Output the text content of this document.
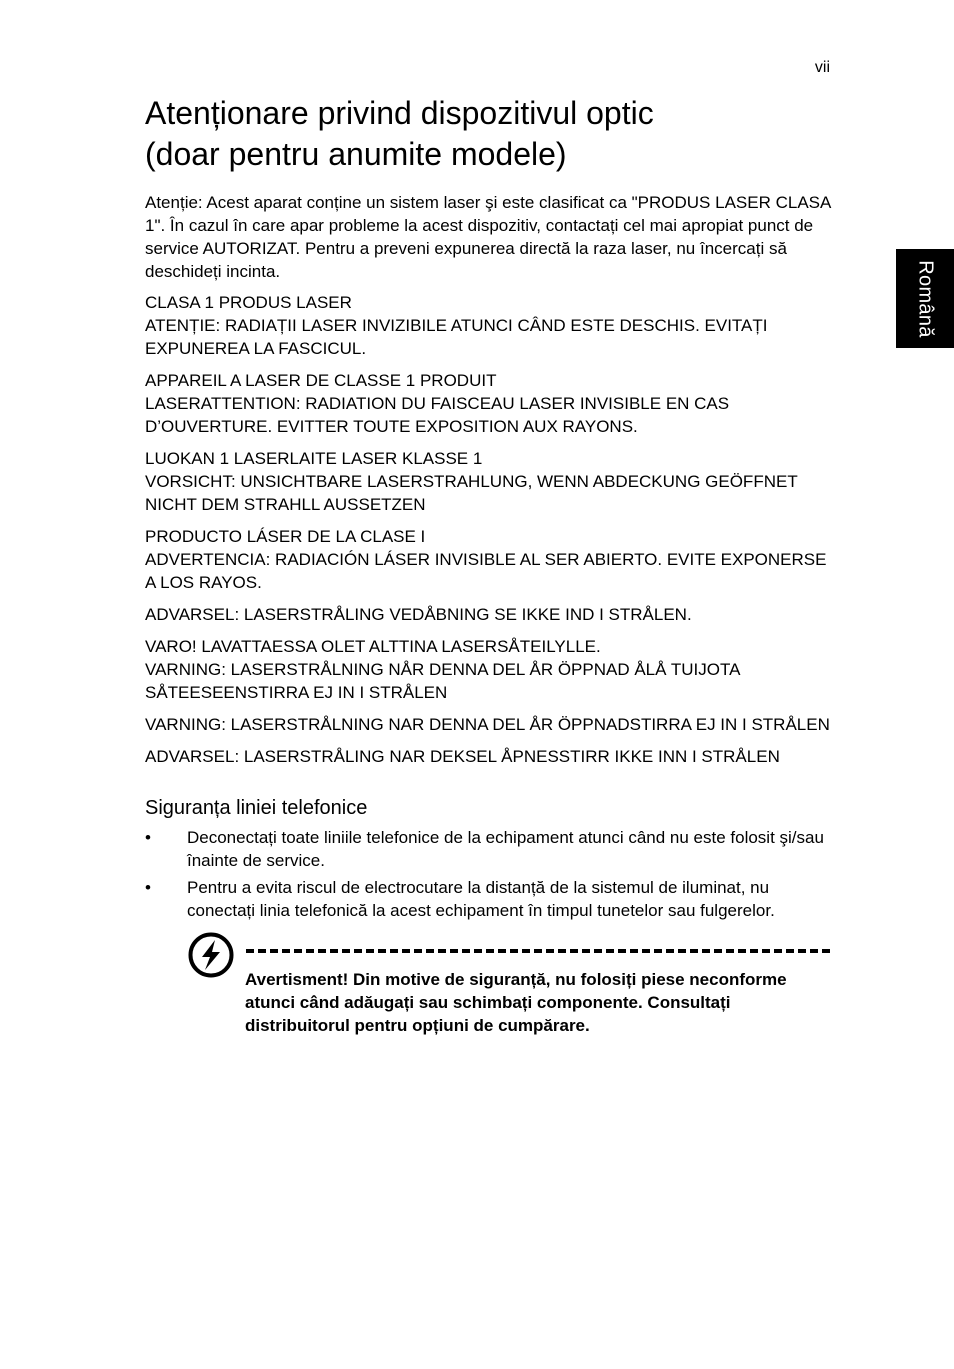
vii
Română
Atenționare privind dispozitivul optic
(doar pentru anumite modele)

Atenție: Acest aparat conține un sistem laser şi este clasificat ca "PRODUS LASER CLASA 1". În cazul în care apar probleme la acest dispozitiv, contactați cel mai apropiat punct de service AUTORIZAT. Pentru a preveni expunerea directă la raza laser, nu încercați să deschideți incinta.

CLASA 1 PRODUS LASER
ATENȚIE: RADIAȚII LASER INVIZIBILE ATUNCI CÂND ESTE DESCHIS. EVITAȚI EXPUNEREA LA FASCICUL.

APPAREIL A LASER DE CLASSE 1 PRODUIT
LASERATTENTION: RADIATION DU FAISCEAU LASER INVISIBLE EN CAS D’OUVERTURE. EVITTER TOUTE EXPOSITION AUX RAYONS.

LUOKAN 1 LASERLAITE LASER KLASSE 1
VORSICHT: UNSICHTBARE LASERSTRAHLUNG, WENN ABDECKUNG GEÖFFNET NICHT DEM STRAHLL AUSSETZEN

PRODUCTO LÁSER DE LA CLASE I
ADVERTENCIA: RADIACIÓN LÁSER INVISIBLE AL SER ABIERTO. EVITE EXPONERSE A LOS RAYOS.

ADVARSEL: LASERSTRÅLING VEDÅBNING SE IKKE IND I STRÅLEN.

VARO! LAVATTAESSA OLET ALTTINA LASERSÅTEILYLLE.
VARNING: LASERSTRÅLNING NÅR DENNA DEL ÅR ÖPPNAD ÅLÅ TUIJOTA SÅTEESEENSTIRRA EJ IN I STRÅLEN

VARNING: LASERSTRÅLNING NAR DENNA DEL ÅR ÖPPNADSTIRRA EJ IN I STRÅLEN

ADVARSEL: LASERSTRÅLING NAR DEKSEL ÅPNESSTIRR IKKE INN I STRÅLEN

Siguranța liniei telefonice
• Deconectați toate liniile telefonice de la echipament atunci când nu este folosit şi/sau înainte de service.
• Pentru a evita riscul de electrocutare la distanță de la sistemul de iluminat, nu conectați linia telefonică la acest echipament în timpul tunetelor sau fulgerelor.
Avertisment! Din motive de siguranță, nu folosiți piese neconforme atunci când adăugați sau schimbați componente. Consultați distribuitorul pentru opțiuni de cumpărare.
